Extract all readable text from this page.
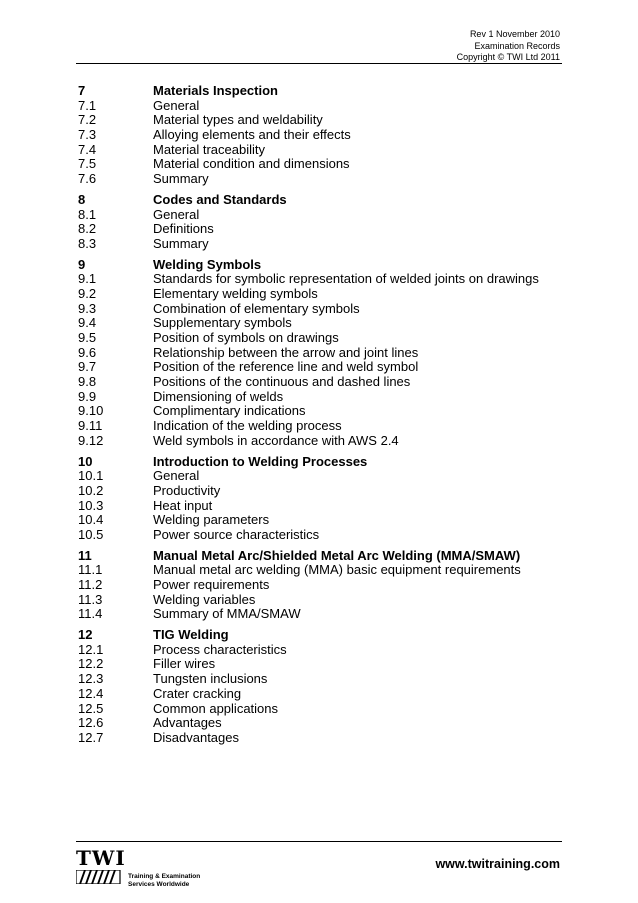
Rev 1 November 2010
Examination Records
Copyright © TWI Ltd 2011
7	Materials Inspection
7.1	General
7.2	Material types and weldability
7.3	Alloying elements and their effects
7.4	Material traceability
7.5	Material condition and dimensions
7.6	Summary
8	Codes and Standards
8.1	General
8.2	Definitions
8.3	Summary
9	Welding Symbols
9.1	Standards for symbolic representation of welded joints on drawings
9.2	Elementary welding symbols
9.3	Combination of elementary symbols
9.4	Supplementary symbols
9.5	Position of symbols on drawings
9.6	Relationship between the arrow and joint lines
9.7	Position of the reference line and weld symbol
9.8	Positions of the continuous and dashed lines
9.9	Dimensioning of welds
9.10	Complimentary indications
9.11	Indication of the welding process
9.12	Weld symbols in accordance with AWS 2.4
10	Introduction to Welding Processes
10.1	General
10.2	Productivity
10.3	Heat input
10.4	Welding parameters
10.5	Power source characteristics
11	Manual Metal Arc/Shielded Metal Arc Welding (MMA/SMAW)
11.1	Manual metal arc welding (MMA) basic equipment requirements
11.2	Power requirements
11.3	Welding variables
11.4	Summary of MMA/SMAW
12	TIG Welding
12.1	Process characteristics
12.2	Filler wires
12.3	Tungsten inclusions
12.4	Crater cracking
12.5	Common applications
12.6	Advantages
12.7	Disadvantages
TWI
Training & Examination
Services Worldwide
www.twitraining.com
